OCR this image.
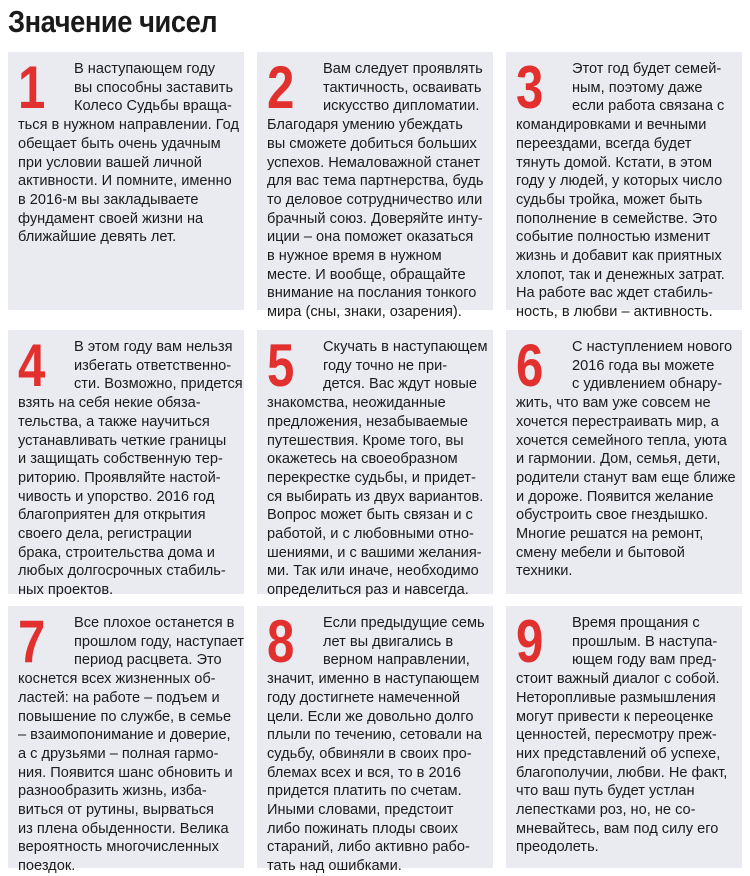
Значение чисел
1	В наступающем году
вы способны заставить
Колесо Судьбы враща-
ться в нужном направлении. Год
обещает быть очень удачным
при условии вашей личной
активности. И помните, именно
в 2016-м вы закладываете
фундамент своей жизни на
ближайшие девять лет.
2	Вам следует проявлять
тактичность, осваивать
искусство дипломатии.
Благодаря умению убеждать
вы сможете добиться больших
успехов. Немаловажной станет
для вас тема партнерства, будь
то деловое сотрудничество или
брачный союз. Доверяйте инту-
иции – она поможет оказаться
в нужное время в нужном
месте. И вообще, обращайте
внимание на послания тонкого
мира (сны, знаки, озарения).
3	Этот год будет семей-
ным, поэтому даже
если работа связана с
командировками и вечными
переездами, всегда будет
тянуть домой. Кстати, в этом
году у людей, у которых число
судьбы тройка, может быть
пополнение в семействе. Это
событие полностью изменит
жизнь и добавит как приятных
хлопот, так и денежных затрат.
На работе вас ждет стабиль-
ность, в любви – активность.
4	В этом году вам нельзя
избегать ответственно-
сти. Возможно, придется
взять на себя некие обяза-
тельства, а также научиться
устанавливать четкие границы
и защищать собственную тер-
риторию. Проявляйте настой-
чивость и упорство. 2016 год
благоприятен для открытия
своего дела, регистрации
брака, строительства дома и
любых долгосрочных стабиль-
ных проектов.
5	Скучать в наступающем
году точно не при-
дется. Вас ждут новые
знакомства, неожиданные
предложения, незабываемые
путешествия. Кроме того, вы
окажетесь на своеобразном
перекрестке судьбы, и придет-
ся выбирать из двух вариантов.
Вопрос может быть связан и с
работой, и с любовными отно-
шениями, и с вашими желания-
ми. Так или иначе, необходимо
определиться раз и навсегда.
6	С наступлением нового
2016 года вы можете
с удивлением обнару-
жить, что вам уже совсем не
хочется перестраивать мир, а
хочется семейного тепла, уюта
и гармонии. Дом, семья, дети,
родители станут вам еще ближе
и дороже. Появится желание
обустроить свое гнездышко.
Многие решатся на ремонт,
смену мебели и бытовой
техники.
7	Все плохое останется в
прошлом году, наступает
период расцвета. Это
коснется всех жизненных об-
ластей: на работе – подъем и
повышение по службе, в семье
– взаимопонимание и доверие,
а с друзьями – полная гармо-
ния. Появится шанс обновить и
разнообразить жизнь, изба-
виться от рутины, вырваться
из плена обыденности. Велика
вероятность многочисленных
поездок.
8	Если предыдущие семь
лет вы двигались в
верном направлении,
значит, именно в наступающем
году достигнете намеченной
цели. Если же довольно долго
плыли по течению, сетовали на
судьбу, обвиняли в своих про-
блемах всех и вся, то в 2016
придется платить по счетам.
Иными словами, предстоит
либо пожинать плоды своих
стараний, либо активно рабо-
тать над ошибками.
9	Время прощания с
прошлым. В наступа-
ющем году вам пред-
стоит важный диалог с собой.
Неторопливые размышления
могут привести к переоценке
ценностей, пересмотру преж-
них представлений об успехе,
благополучии, любви. Не факт,
что ваш путь будет устлан
лепестками роз, но, не со-
мневайтесь, вам под силу его
преодолеть.
